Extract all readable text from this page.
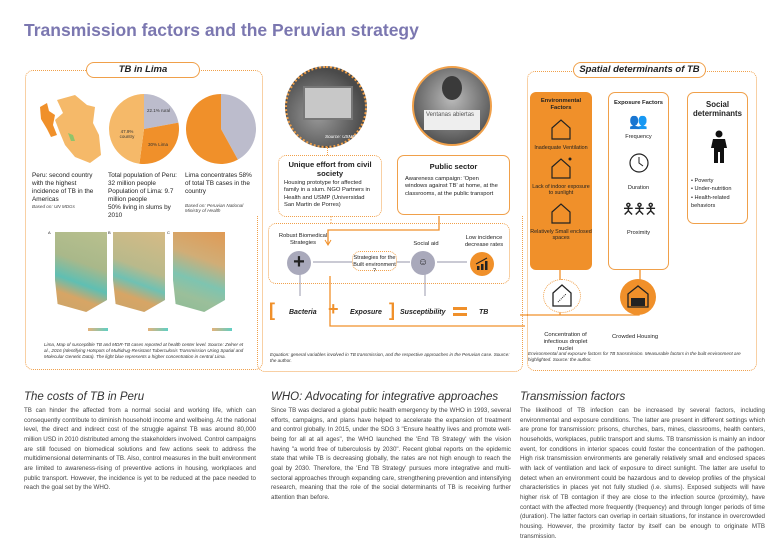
Transmission factors and the Peruvian strategy
TB in Lima
22.1% rural
47.9% country
30% Lima
Peru: second country with the highest incidence of TB in the Americas
Based on: UN MDGs
Total population of Peru: 32 million people
Population of Lima: 9.7 million people
50% living in slums by 2010
Lima concentrates 58% of total TB cases in the country
Based on: Peruvian National Ministry of Health
A	B	C
Lima, Map of susceptible TB and MDR-TB cases reported at health center level. Source: Zelner et al., 2016 (Identifying Hotspots of Multidrug-Resistant Tuberculosis Transmission Using Spatial and Molecular Genetic Data). The light blue represents a higher concentration in central Lima.
Source: USMP
Ventanas abiertas
Unique effort from civil society
Housing prototype for affected family in a slum. NGO Partners in Health and USMP (Universidad San Martin de Porres)
Public sector
Awareness campaign: 'Open windows against TB' at home, at the classrooms, at the public transport
Robust Biomedical Strategies
+	Strategies for the Built environment ?
Social aid
☺
Low incidence decrease rates
[ Bacteria + Exposure ] Susceptibility	TB
Equation: general variables involved in TB transmission, and the respective approaches in the Peruvian case. Source: the author.
Spatial determinants of TB
Environmental Factors
Inadequate Ventilation
Lack of indoor exposure to sunlight
Relatively Small enclosed spaces
Exposure Factors
👥
Frequency
Duration
🯅🯅🯅
Proximity
Social determinants
• Poverty
• Under-nutrition
• Health-related behaviors
Concentration of infectious droplet nuclei
Crowded Housing
Environmental and exposure factors for TB transmission. Measurable factors in the built environment are highlighted. Source: the author.
The costs of TB in Peru
TB can hinder the affected from a normal social and working life, which can consequently contribute to diminish household income and wellbeing. At the national level, the direct and indirect cost of the struggle against TB was around 80,000 million USD in 2010 distributed among the stakeholders involved. Control campaigns are still focused on biomedical solutions and few actions seek to address the multidimensional determinants of TB. Also, control measures in the built environment are limited to awareness-rising of preventive actions in housing, workplaces and public transport. However, the incidence is yet to be reduced at the pace needed to reach the goal set by the WHO.
WHO: Advocating for integrative approaches
Since TB was declared a global public health emergency by the WHO in 1993, several efforts, campaigns, and plans have helped to accelerate the expansion of treatment and control globally. In 2015, under the SDG 3 "Ensure healthy lives and promote well-being for all at all ages", the WHO launched the 'End TB Strategy' with the vision having "a world free of tuberculosis by 2030". Recent global reports on the epidemic state that while TB is decreasing globally, the rates are not high enough to reach the goal by 2030. Therefore, the 'End TB Strategy' pursues more integrative and multi-sectoral approaches through expanding care, strengthening prevention and intensifying research, meaning that the role of the social determinants of TB is receiving further attention than before.
Transmission factors
The likelihood of TB infection can be increased by several factors, including environmental and exposure conditions. The latter are present in different settings which are prone for transmission: prisons, churches, bars, mines, classrooms, health centers, households, workplaces, public transport and slums. TB transmission is mainly an indoor event, for conditions in interior spaces could foster the concentration of the pathogen. High risk transmission environments are generally relatively small and enclosed spaces with lack of ventilation and lack of exposure to direct sunlight. The latter are useful to detect when an environment could be hazardous and to develop profiles of the physical characteristics in places yet not fully studied (i.e. slums). Exposed subjects will have higher risk of TB contagion if they are close to the infection source (proximity), have contact with the affected more frequently (frequency) and through longer periods of time (duration). The latter factors can overlap in certain situations, for instance in overcrowded housing. However, the proximity factor by itself can be enough to originate MTB transmission.
